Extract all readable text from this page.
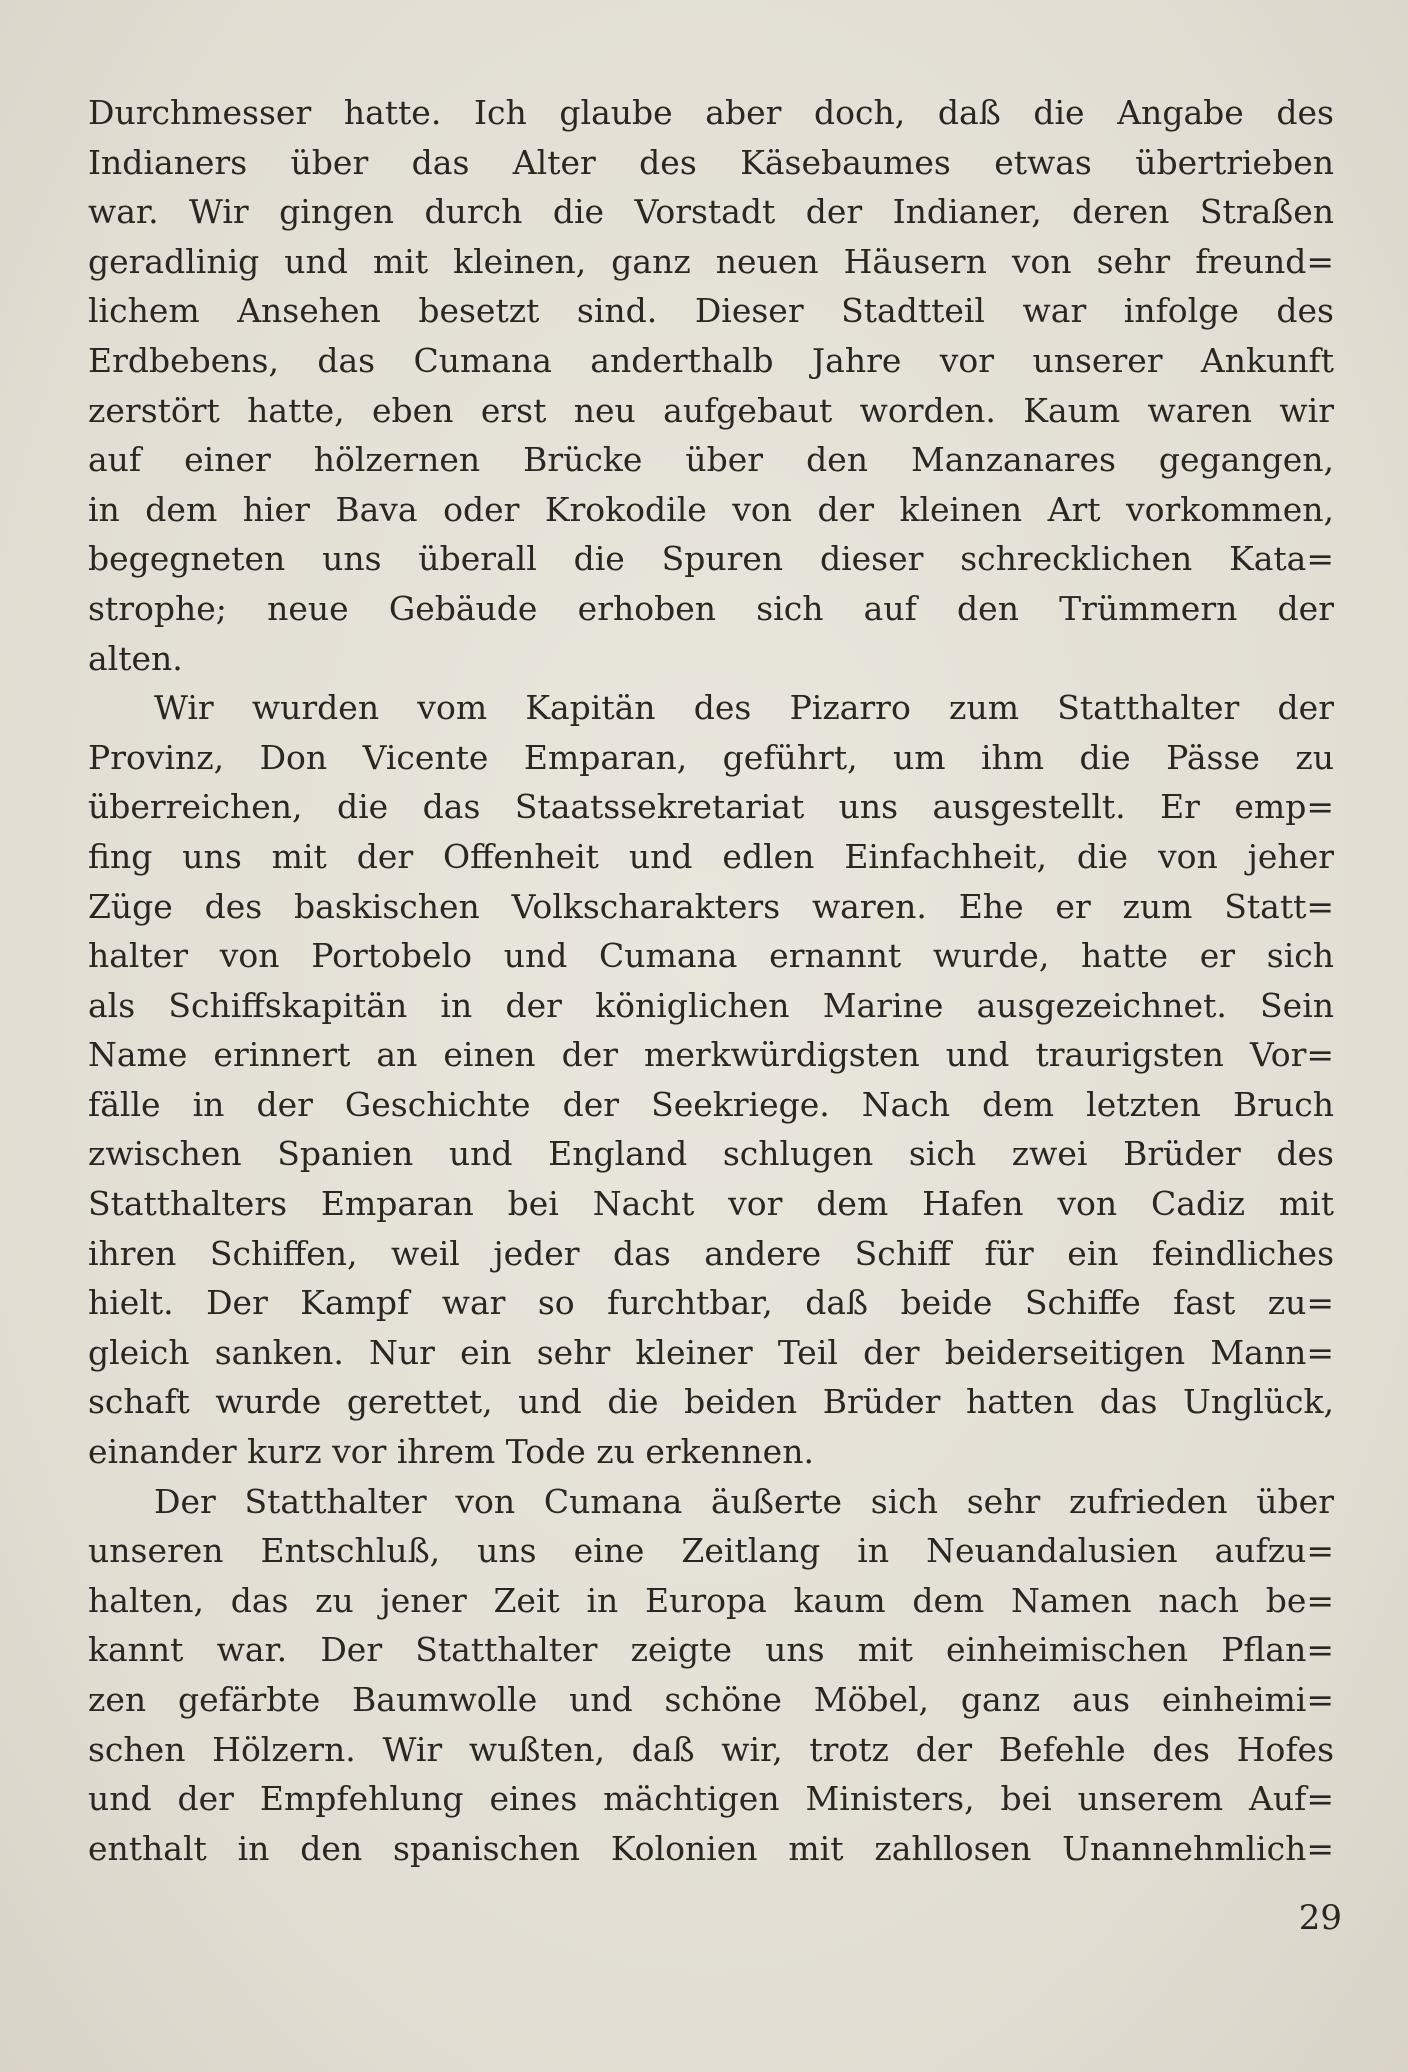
Durchmesser hatte. Ich glaube aber doch, daß die Angabe des
Indianers über das Alter des Käsebaumes etwas übertrieben
war. Wir gingen durch die Vorstadt der Indianer, deren Straßen
geradlinig und mit kleinen, ganz neuen Häusern von sehr freund=
lichem Ansehen besetzt sind. Dieser Stadtteil war infolge des
Erdbebens, das Cumana anderthalb Jahre vor unserer Ankunft
zerstört hatte, eben erst neu aufgebaut worden. Kaum waren wir
auf einer hölzernen Brücke über den Manzanares gegangen,
in dem hier Bava oder Krokodile von der kleinen Art vorkommen,
begegneten uns überall die Spuren dieser schrecklichen Kata=
strophe; neue Gebäude erhoben sich auf den Trümmern der
alten.
Wir wurden vom Kapitän des Pizarro zum Statthalter der
Provinz, Don Vicente Emparan, geführt, um ihm die Pässe zu
überreichen, die das Staatssekretariat uns ausgestellt. Er emp=
fing uns mit der Offenheit und edlen Einfachheit, die von jeher
Züge des baskischen Volkscharakters waren. Ehe er zum Statt=
halter von Portobelo und Cumana ernannt wurde, hatte er sich
als Schiffskapitän in der königlichen Marine ausgezeichnet. Sein
Name erinnert an einen der merkwürdigsten und traurigsten Vor=
fälle in der Geschichte der Seekriege. Nach dem letzten Bruch
zwischen Spanien und England schlugen sich zwei Brüder des
Statthalters Emparan bei Nacht vor dem Hafen von Cadiz mit
ihren Schiffen, weil jeder das andere Schiff für ein feindliches
hielt. Der Kampf war so furchtbar, daß beide Schiffe fast zu=
gleich sanken. Nur ein sehr kleiner Teil der beiderseitigen Mann=
schaft wurde gerettet, und die beiden Brüder hatten das Unglück,
einander kurz vor ihrem Tode zu erkennen.
Der Statthalter von Cumana äußerte sich sehr zufrieden über
unseren Entschluß, uns eine Zeitlang in Neuandalusien aufzu=
halten, das zu jener Zeit in Europa kaum dem Namen nach be=
kannt war. Der Statthalter zeigte uns mit einheimischen Pflan=
zen gefärbte Baumwolle und schöne Möbel, ganz aus einheimi=
schen Hölzern. Wir wußten, daß wir, trotz der Befehle des Hofes
und der Empfehlung eines mächtigen Ministers, bei unserem Auf=
enthalt in den spanischen Kolonien mit zahllosen Unannehmlich=
29
